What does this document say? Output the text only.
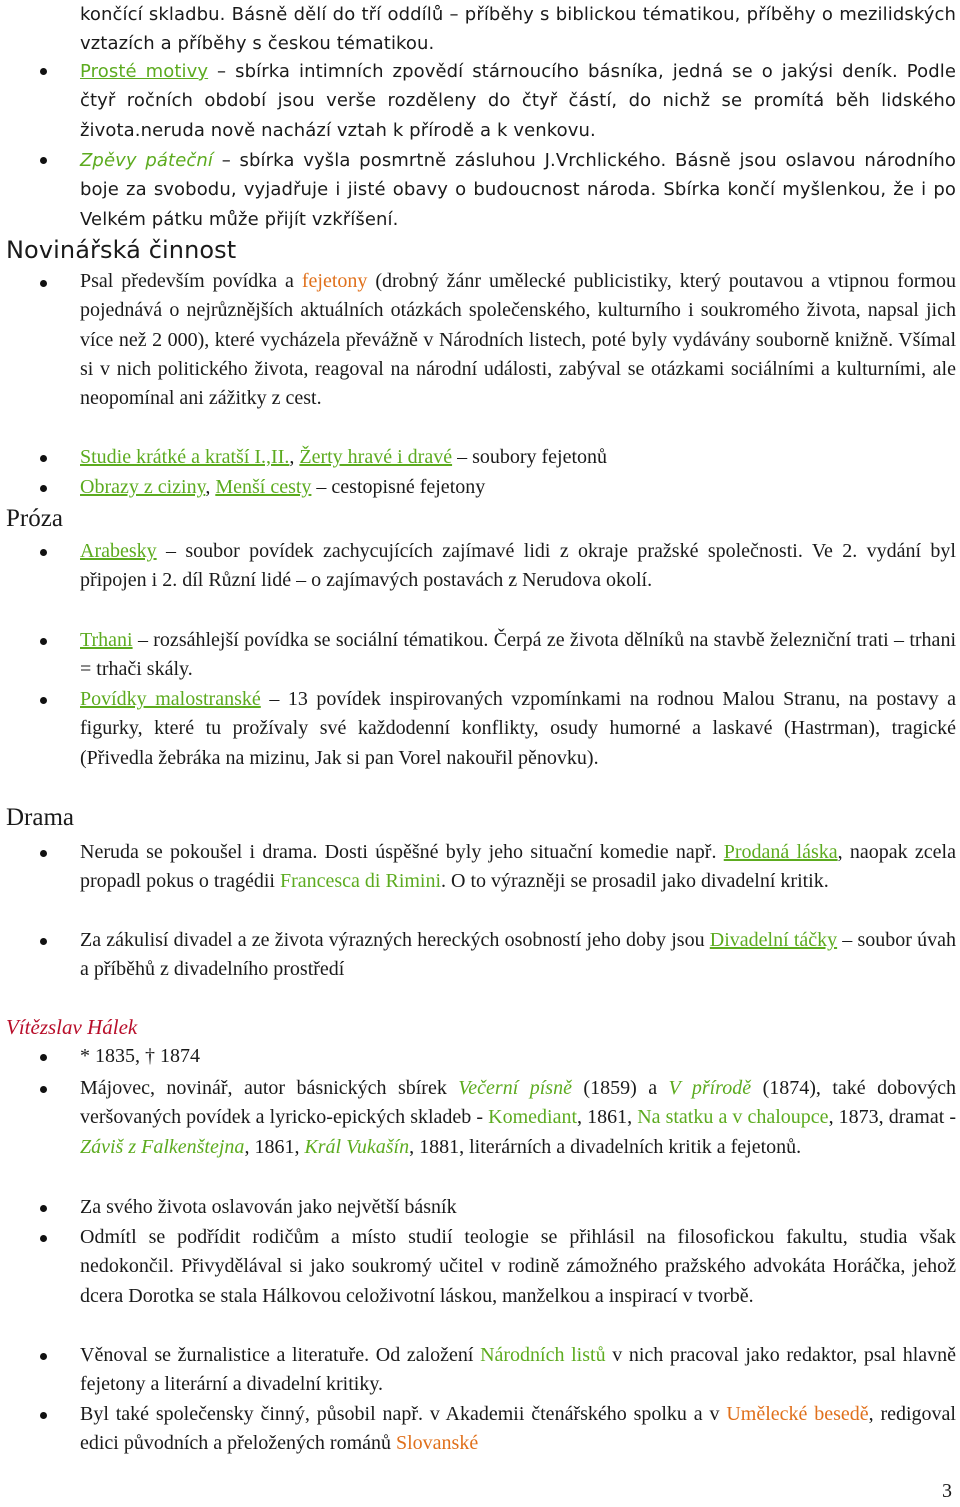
končící skladbu. Básně dělí do tří oddílů – příběhy s biblickou tématikou, příběhy o mezilidských vztazích a příběhy s českou tématikou.
Prosté motivy – sbírka intimních zpovědí stárnoucího básníka, jedná se o jakýsi deník. Podle čtyř ročních období jsou verše rozděleny do čtyř částí, do nichž se promítá běh lidského života.neruda nově nachází vztah k přírodě a k venkovu.
Zpěvy páteční – sbírka vyšla posmrtně zásluhou J.Vrchlického. Básně jsou oslavou národního boje za svobodu, vyjadřuje i jisté obavy o budoucnost národa. Sbírka končí myšlenkou, že i po Velkém pátku může přijít vzkříšení.
Novinářská činnost
Psal především povídka a fejetony (drobný žánr umělecké publicistiky, který poutavou a vtipnou formou pojednává o nejrůznějších aktuálních otázkách společenského, kulturního i soukromého života, napsal jich více než 2 000), které vycházela převážně v Národních listech, poté byly vydávány souborně knižně. Všímal si v nich politického života, reagoval na národní události, zabýval se otázkami sociálními a kulturními, ale neopomínal ani zážitky z cest.
Studie krátké a kratší I.,II., Žerty hravé i dravé – soubory fejetonů
Obrazy z ciziny, Menší cesty – cestopisné fejetony
Próza
Arabesky – soubor povídek zachycujících zajímavé lidi z okraje pražské společnosti. Ve 2. vydání byl připojen i 2. díl Různí lidé – o zajímavých postavách z Nerudova okolí.
Trhani – rozsáhlejší povídka se sociální tématikou. Čerpá ze života dělníků na stavbě železniční trati – trhani = trhači skály.
Povídky malostranské – 13 povídek inspirovaných vzpomínkami na rodnou Malou Stranu, na postavy a figurky, které tu prožívaly své každodenní konflikty, osudy humorné a laskavé (Hastrman), tragické (Přivedla žebráka na mizinu, Jak si pan Vorel nakouřil pěnovku).
Drama
Neruda se pokoušel i drama. Dosti úspěšné byly jeho situační komedie např. Prodaná láska, naopak zcela propadl pokus o tragédii Francesca di Rimini. O to výrazněji se prosadil jako divadelní kritik.
Za zákulisí divadel a ze života výrazných hereckých osobností jeho doby jsou Divadelní táčky – soubor úvah a příběhů z divadelního prostředí
Vítězslav Hálek
* 1835, † 1874
Májovec, novinář, autor básnických sbírek Večerní písně (1859) a V přírodě (1874), také dobových veršovaných povídek a lyricko-epických skladeb - Komediant, 1861, Na statku a v chaloupce, 1873, dramat - Záviš z Falkenštejna, 1861, Král Vukašín, 1881, literárních a divadelních kritik a fejetonů.
Za svého života oslavován jako největší básník
Odmítl se podřídit rodičům a místo studií teologie se přihlásil na filosofickou fakultu, studia však nedokončil. Přivydělával si jako soukromý učitel v rodině zámožného pražského advokáta Horáčka, jehož dcera Dorotka se stala Hálkovou celoživotní láskou, manželkou a inspirací v tvorbě.
Věnoval se žurnalistice a literatuře. Od založení Národních listů v nich pracoval jako redaktor, psal hlavně fejetony a literární a divadelní kritiky.
Byl také společensky činný, působil např. v Akademii čtenářského spolku a v Umělecké besedě, redigoval edici původních a přeložených románů Slovanské
3
